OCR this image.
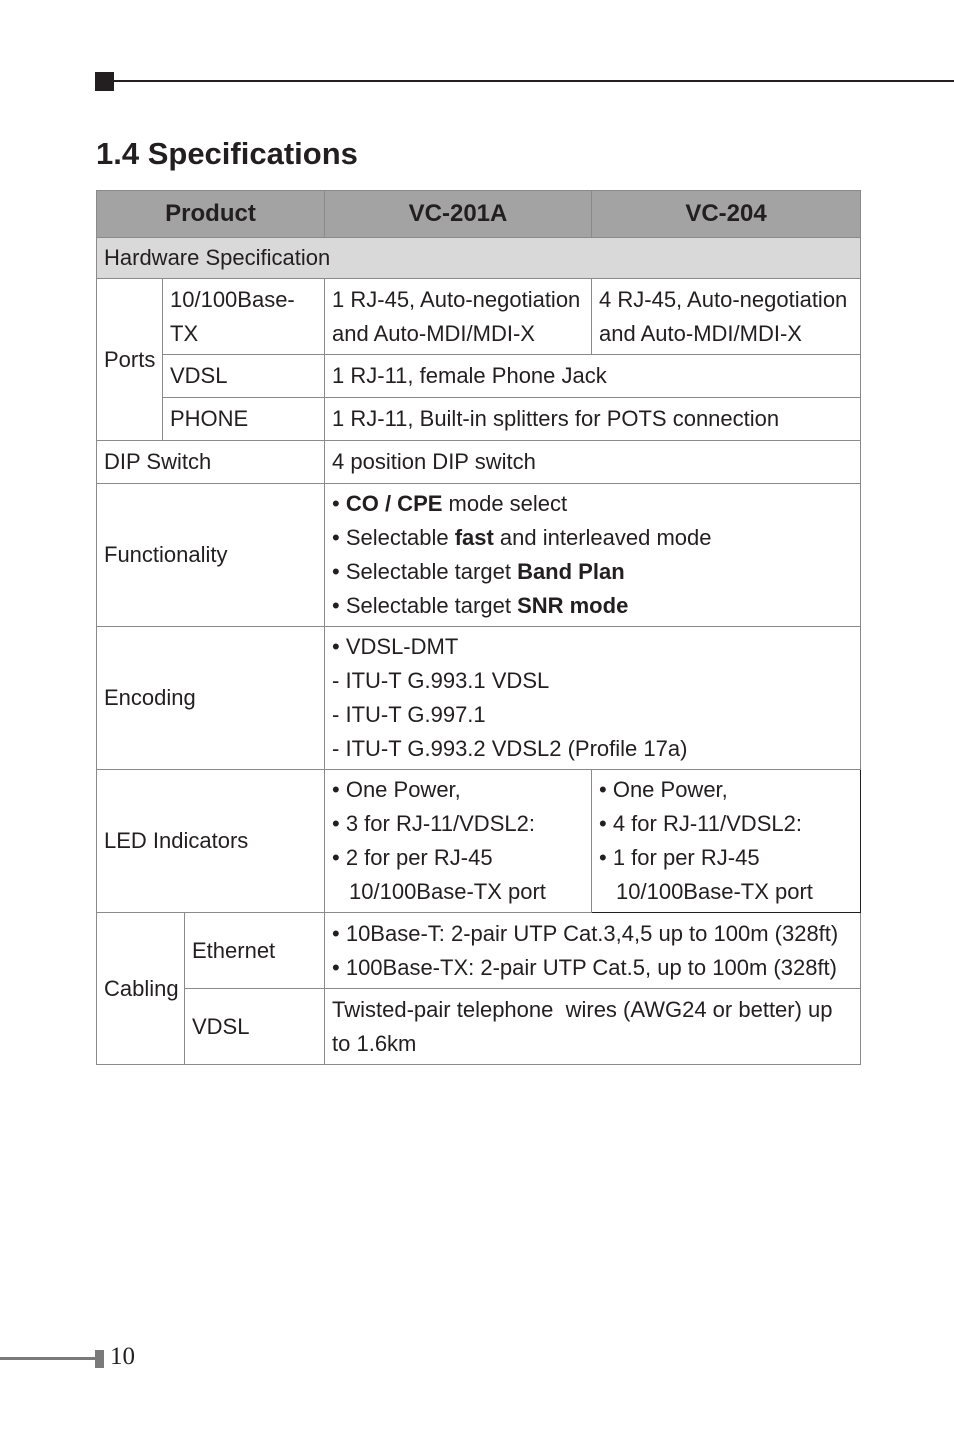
1.4 Specifications
Product			VC-201A	VC-204
Hardware Specification				
Ports	10/100Base-TX		1 RJ-45, Auto-negotiation
and Auto-MDI/MDI-X	4 RJ-45, Auto-negotiation
and Auto-MDI/MDI-X

	VDSL		1 RJ-11, female Phone Jack	
	PHONE		1 RJ-11, Built-in splitters for POTS connection	
DIP Switch			4 position DIP switch	
Functionality			• CO / CPE mode select
• Selectable fast and interleaved mode
• Selectable target Band Plan
• Selectable target SNR mode	

Encoding			• VDSL-DMT
- ITU-T G.993.1 VDSL
- ITU-T G.997.1
- ITU-T G.993.2 VDSL2 (Profile 17a)	

LED Indicators			• One Power,
• 3 for RJ-11/VDSL2:
• 2 for per RJ-45
10/100Base-TX port	• One Power,
• 4 for RJ-11/VDSL2:
• 1 for per RJ-45
10/100Base-TX port

Cabling		Ethernet	• 10Base-T: 2-pair UTP Cat.3,4,5 up to 100m (328ft)
• 100Base-TX: 2-pair UTP Cat.5, up to 100m (328ft)	

		VDSL	Twisted-pair telephone  wires (AWG24 or better) up
to 1.6km	
10
